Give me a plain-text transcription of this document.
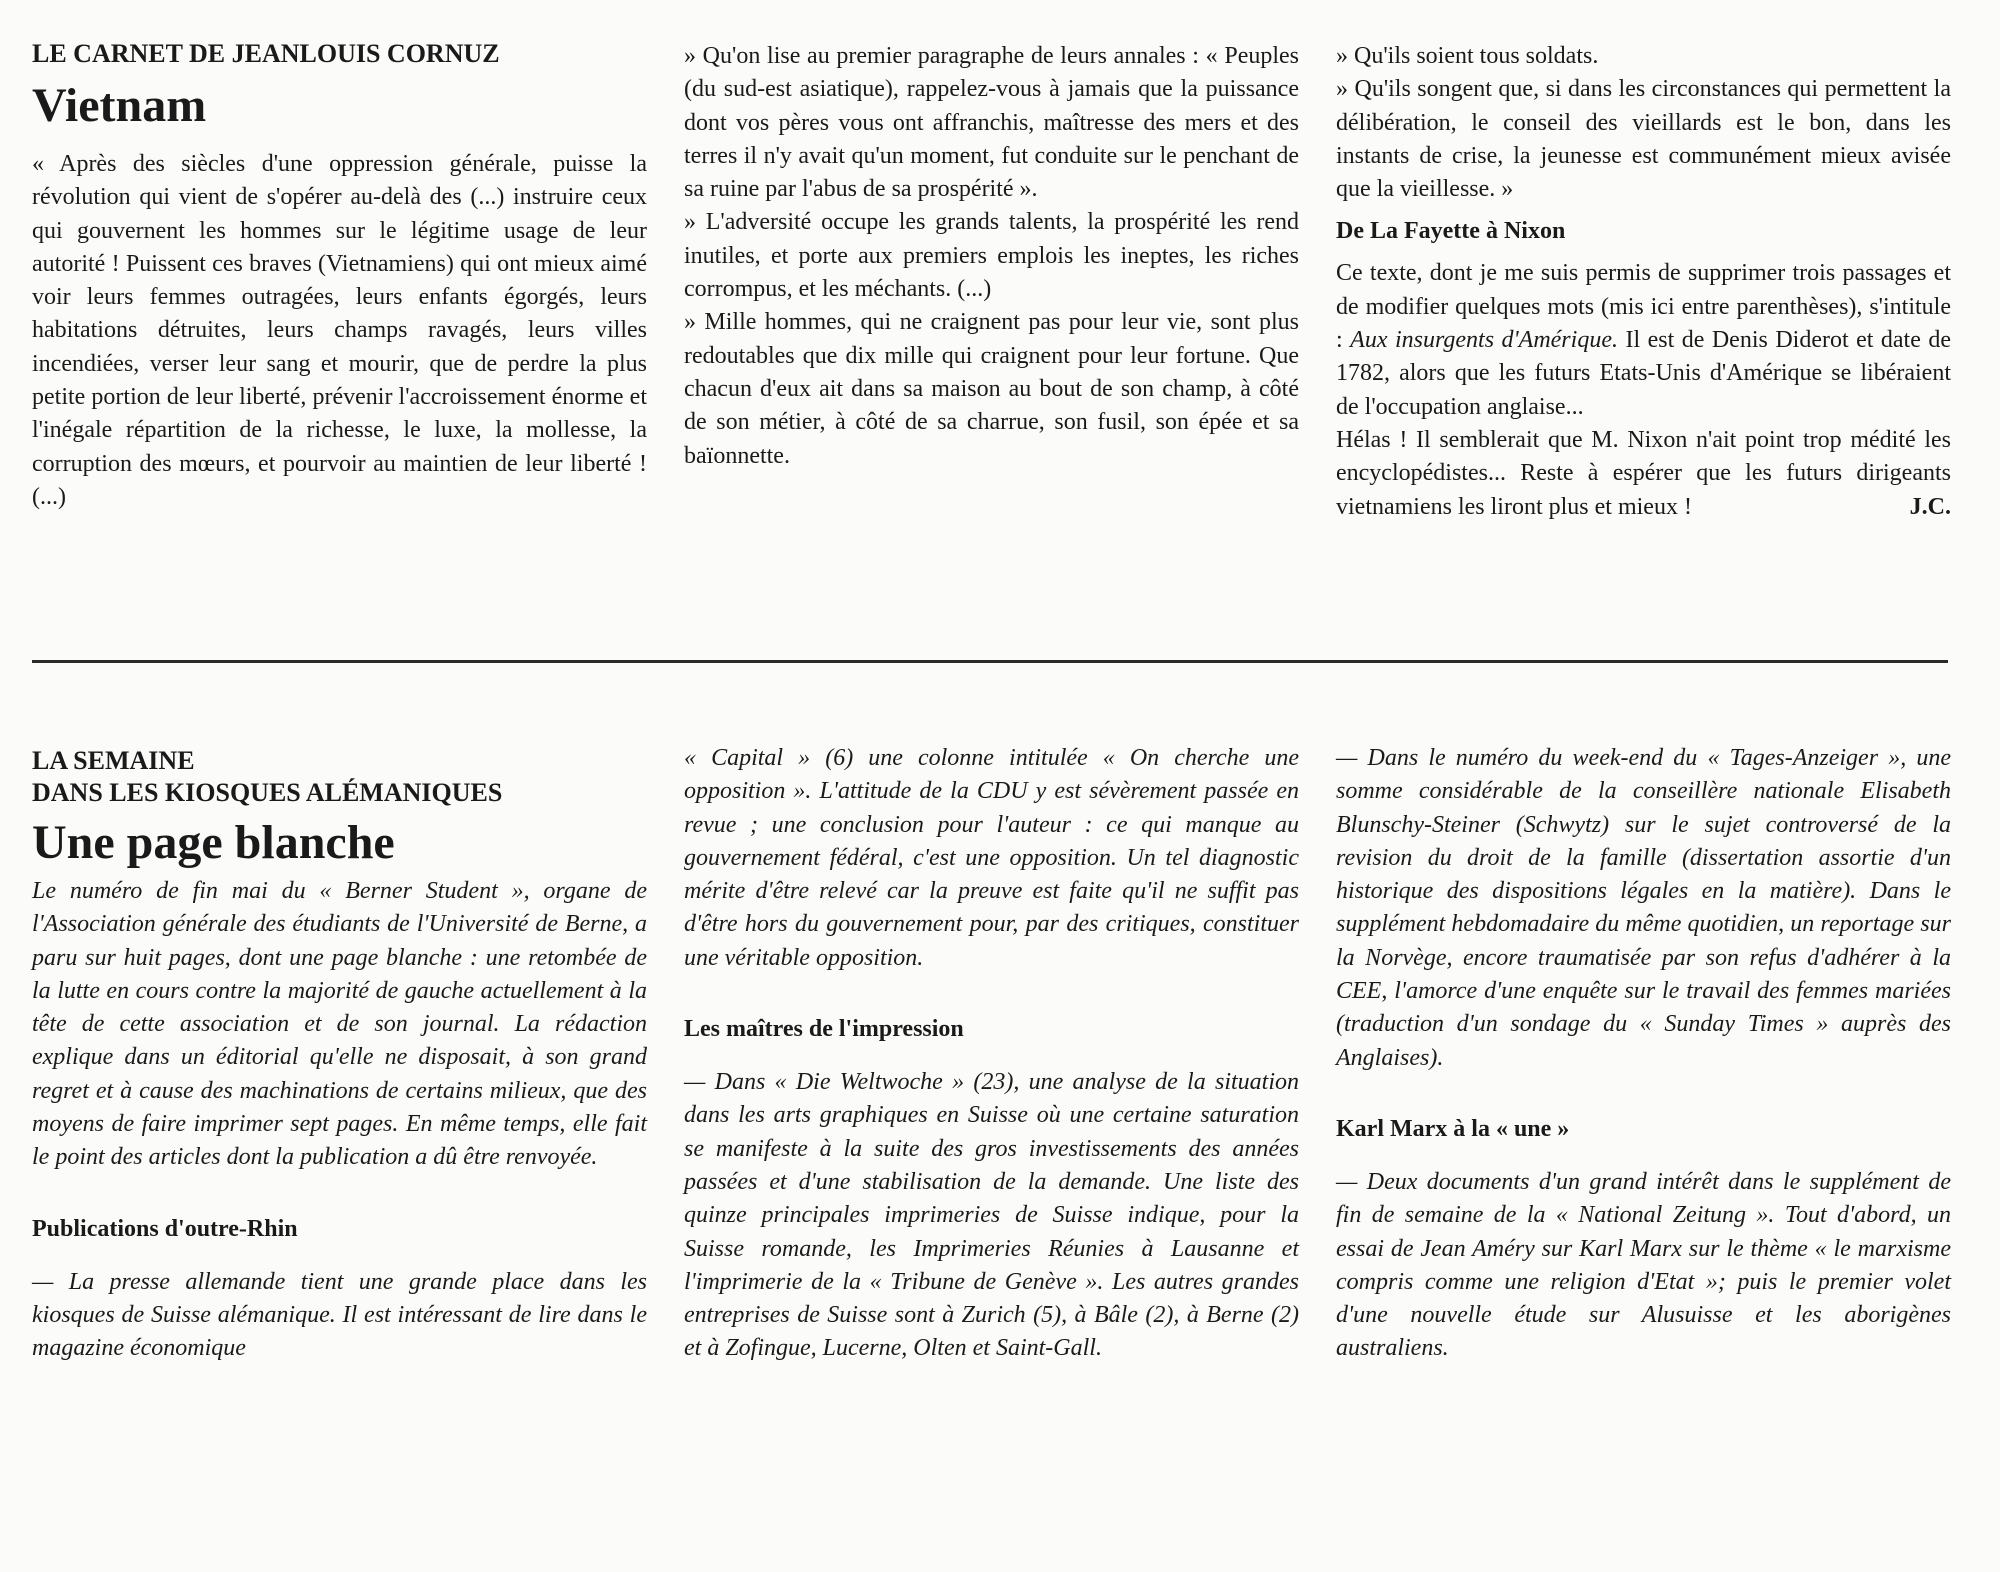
LE CARNET DE JEANLOUIS CORNUZ

Vietnam

« Après des siècles d'une oppression générale, puisse la révolution qui vient de s'opérer au-delà des (...) instruire ceux qui gouvernent les hommes sur le légitime usage de leur autorité ! Puissent ces braves (Vietnamiens) qui ont mieux aimé voir leurs femmes outragées, leurs enfants égorgés, leurs habitations détruites, leurs champs ravagés, leurs villes incendiées, verser leur sang et mourir, que de perdre la plus petite portion de leur liberté, prévenir l'accroissement énorme et l'inégale répartition de la richesse, le luxe, la mollesse, la corruption des mœurs, et pourvoir au maintien de leur liberté !(...)

» Qu'on lise au premier paragraphe de leurs annales : « Peuples (du sud-est asiatique), rappelez-vous à jamais que la puissance dont vos pères vous ont affranchis, maîtresse des mers et des terres il n'y avait qu'un moment, fut conduite sur le penchant de sa ruine par l'abus de sa prospérité ».

» L'adversité occupe les grands talents, la prospérité les rend inutiles, et porte aux premiers emplois les ineptes, les riches corrompus, et les méchants. (...)

» Mille hommes, qui ne craignent pas pour leur vie, sont plus redoutables que dix mille qui craignent pour leur fortune. Que chacun d'eux ait dans sa maison au bout de son champ, à côté de son métier, à côté de sa charrue, son fusil, son épée et sa baïonnette.

» Qu'ils soient tous soldats.

» Qu'ils songent que, si dans les circonstances qui permettent la délibération, le conseil des vieillards est le bon, dans les instants de crise, la jeunesse est communément mieux avisée que la vieillesse. »

De La Fayette à Nixon

Ce texte, dont je me suis permis de supprimer trois passages et de modifier quelques mots (mis ici entre parenthèses), s'intitule : Aux insurgents d'Amérique. Il est de Denis Diderot et date de 1782, alors que les futurs Etats-Unis d'Amérique se libéraient de l'occupation anglaise...

Hélas ! Il semblerait que M. Nixon n'ait point trop médité les encyclopédistes... Reste à espérer que les futurs dirigeants vietnamiens les liront plus et mieux !	J.C.

LA SEMAINE

DANS LES KIOSQUES ALÉMANIQUES

Une page blanche

Le numéro de fin mai du « Berner Student », organe de l'Association générale des étudiants de l'Université de Berne, a paru sur huit pages, dont une page blanche : une retombée de la lutte en cours contre la majorité de gauche actuellement à la tête de cette association et de son journal. La rédaction explique dans un éditorial qu'elle ne disposait, à son grand regret et à cause des machinations de certains milieux, que des moyens de faire imprimer sept pages. En même temps, elle fait le point des articles dont la publication a dû être renvoyée.

Publications d'outre-Rhin

— La presse allemande tient une grande place dans les kiosques de Suisse alémanique. Il est intéressant de lire dans le magazine économique

« Capital » (6) une colonne intitulée « On cherche une opposition ». L'attitude de la CDU y est sévèrement passée en revue ; une conclusion pour l'auteur : ce qui manque au gouvernement fédéral, c'est une opposition. Un tel diagnostic mérite d'être relevé car la preuve est faite qu'il ne suffit pas d'être hors du gouvernement pour, par des critiques, constituer une véritable opposition.

Les maîtres de l'impression

— Dans « Die Weltwoche » (23), une analyse de la situation dans les arts graphiques en Suisse où une certaine saturation se manifeste à la suite des gros investissements des années passées et d'une stabilisation de la demande. Une liste des quinze principales imprimeries de Suisse indique, pour la Suisse romande, les Imprimeries Réunies à Lausanne et l'imprimerie de la « Tribune de Genève ». Les autres grandes entreprises de Suisse sont à Zurich (5), à Bâle (2), à Berne (2) et à Zofingue, Lucerne, Olten et Saint-Gall.

— Dans le numéro du week-end du « Tages-Anzeiger », une somme considérable de la conseillère nationale Elisabeth Blunschy-Steiner (Schwytz) sur le sujet controversé de la revision du droit de la famille (dissertation assortie d'un historique des dispositions légales en la matière). Dans le supplément hebdomadaire du même quotidien, un reportage sur la Norvège, encore traumatisée par son refus d'adhérer à la CEE, l'amorce d'une enquête sur le travail des femmes mariées (traduction d'un sondage du « Sunday Times » auprès des Anglaises).

Karl Marx à la « une »

— Deux documents d'un grand intérêt dans le supplément de fin de semaine de la « National Zeitung ». Tout d'abord, un essai de Jean Améry sur Karl Marx sur le thème « le marxisme compris comme une religion d'Etat »; puis le premier volet d'une nouvelle étude sur Alusuisse et les aborigènes australiens.
